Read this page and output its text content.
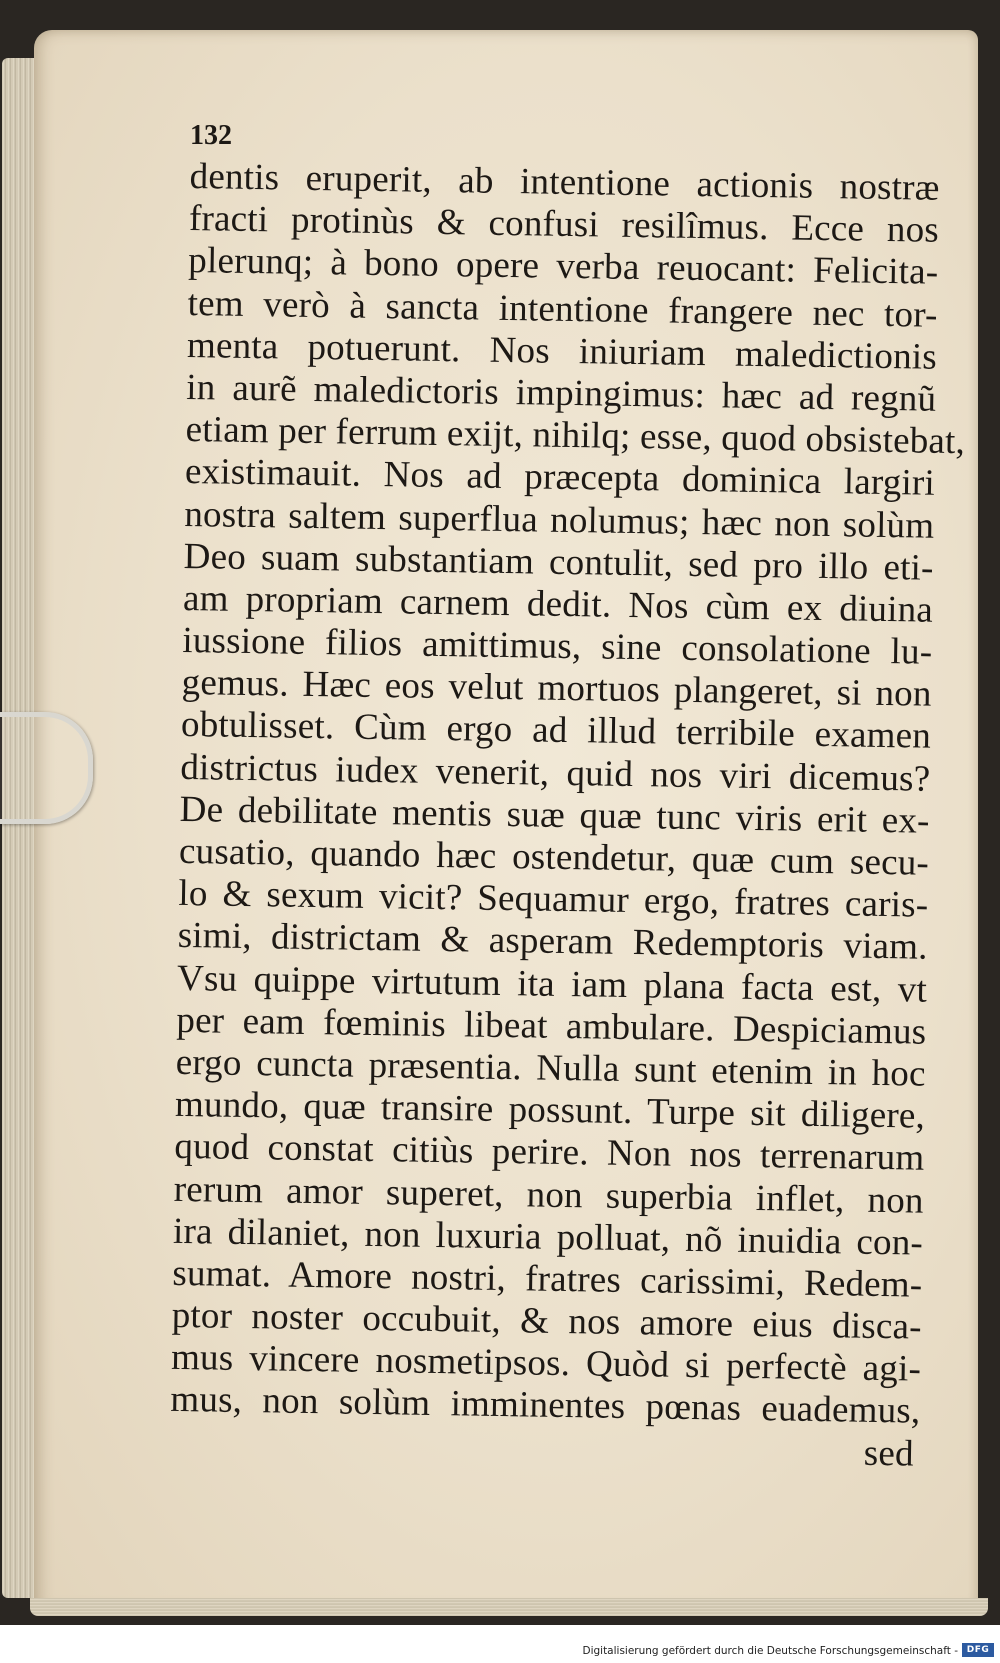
132
dentis eruperit, ab intentione actionis nostræ
fracti protinùs & confusi resilîmus. Ecce nos
plerunq; à bono opere verba reuocant: Felicita-
tem verò à sancta intentione frangere nec tor-
menta potuerunt. Nos iniuriam maledictionis
in aurẽ maledictoris impingimus: hæc ad regnũ
etiam per ferrum exijt, nihilq; esse, quod obsistebat,
existimauit. Nos ad præcepta dominica largiri
nostra saltem superflua nolumus; hæc non solùm
Deo suam substantiam contulit, sed pro illo eti-
am propriam carnem dedit. Nos cùm ex diuina
iussione filios amittimus, sine consolatione lu-
gemus. Hæc eos velut mortuos plangeret, si non
obtulisset. Cùm ergo ad illud terribile examen
districtus iudex venerit, quid nos viri dicemus?
De debilitate mentis suæ quæ tunc viris erit ex-
cusatio, quando hæc ostendetur, quæ cum secu-
lo & sexum vicit? Sequamur ergo, fratres caris-
simi, districtam & asperam Redemptoris viam.
Vsu quippe virtutum ita iam plana facta est, vt
per eam fœminis libeat ambulare. Despiciamus
ergo cuncta præsentia. Nulla sunt etenim in hoc
mundo, quæ transire possunt. Turpe sit diligere,
quod constat citiùs perire. Non nos terrenarum
rerum amor superet, non superbia inflet, non
ira dilaniet, non luxuria polluat, nõ inuidia con-
sumat. Amore nostri, fratres carissimi, Redem-
ptor noster occubuit, & nos amore eius disca-
mus vincere nosmetipsos. Quòd si perfectè agi-
mus, non solùm imminentes pœnas euademus,
sed
Digitalisierung gefördert durch die Deutsche Forschungsgemeinschaft - DFG
